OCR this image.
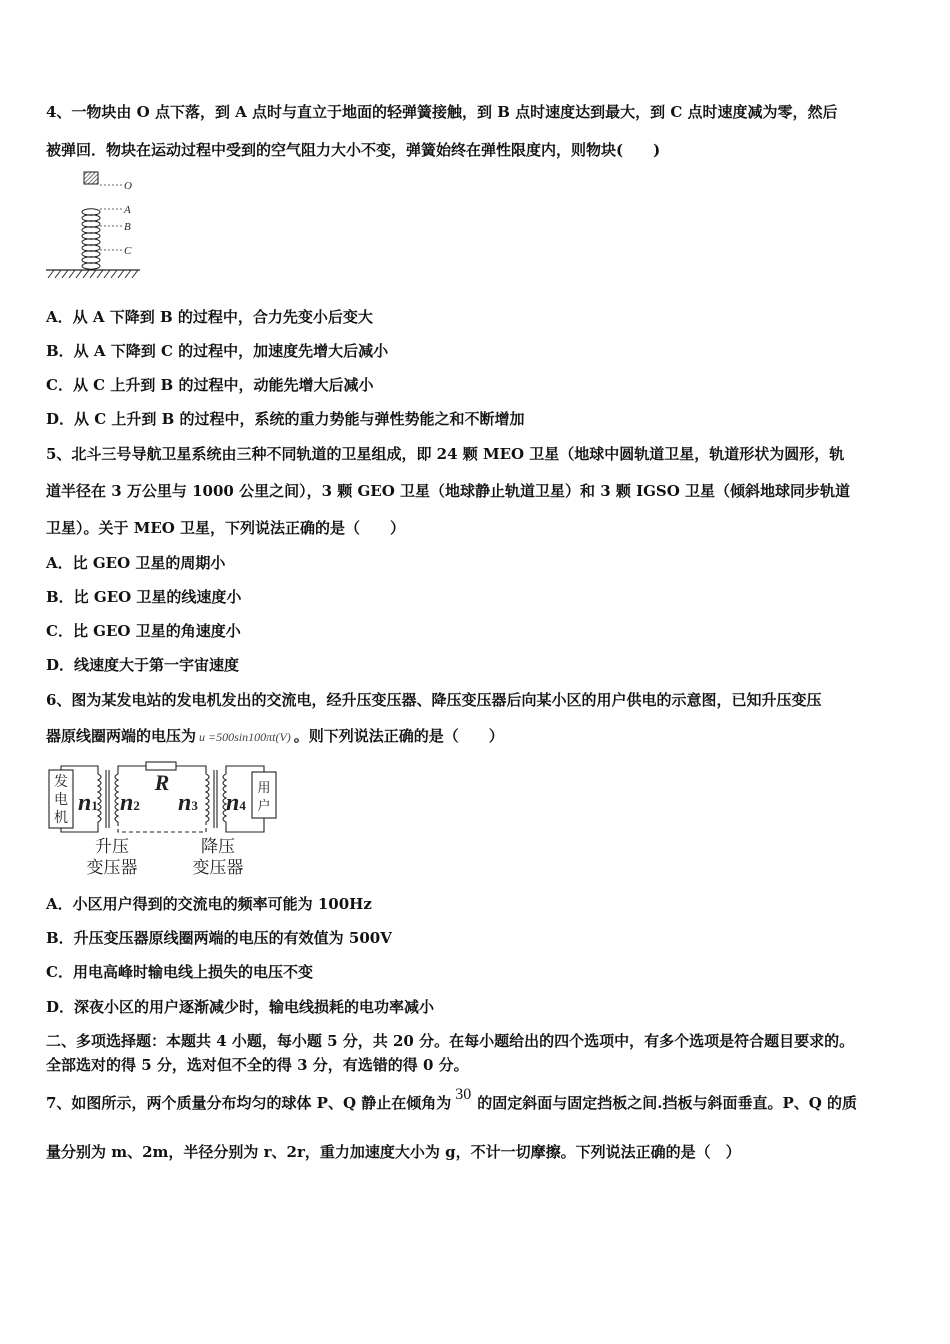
4、一物块由 O 点下落，到 A 点时与直立于地面的轻弹簧接触，到 B 点时速度达到最大，到 C 点时速度减为零，然后
被弹回．物块在运动过程中受到的空气阻力大小不变，弹簧始终在弹性限度内，则物块(　　)
O
A
B
C
A．从 A 下降到 B 的过程中，合力先变小后变大
B．从 A 下降到 C 的过程中，加速度先增大后减小
C．从 C 上升到 B 的过程中，动能先增大后减小
D．从 C 上升到 B 的过程中，系统的重力势能与弹性势能之和不断增加
5、北斗三号导航卫星系统由三种不同轨道的卫星组成，即 24 颗 MEO 卫星（地球中圆轨道卫星，轨道形状为圆形，轨
道半径在 3 万公里与 1000 公里之间），3 颗 GEO 卫星（地球静止轨道卫星）和 3 颗 IGSO 卫星（倾斜地球同步轨道
卫星）。关于 MEO 卫星，下列说法正确的是（　　）
A．比 GEO 卫星的周期小
B．比 GEO 卫星的线速度小
C．比 GEO 卫星的角速度小
D．线速度大于第一宇宙速度
6、图为某发电站的发电机发出的交流电，经升压变压器、降压变压器后向某小区的用户供电的示意图，已知升压变压
器原线圈两端的电压为 u =500sin100πt(V) 。则下列说法正确的是（　　）
发
电
机
用
户
R
n1 n2 n3 n4
升压
变压器
降压
变压器
A．小区用户得到的交流电的频率可能为 100Hz
B．升压变压器原线圈两端的电压的有效值为 500V
C．用电高峰时输电线上损失的电压不变
D．深夜小区的用户逐渐减少时，输电线损耗的电功率减小
二、多项选择题：本题共 4 小题，每小题 5 分，共 20 分。在每小题给出的四个选项中，有多个选项是符合题目要求的。
全部选对的得 5 分，选对但不全的得 3 分，有选错的得 0 分。
7、如图所示，两个质量分布均匀的球体 P、Q 静止在倾角为 30 的固定斜面与固定挡板之间.挡板与斜面垂直。P、Q 的质
量分别为 m、2m，半径分别为 r、2r，重力加速度大小为 g，不计一切摩擦。下列说法正确的是（　）
